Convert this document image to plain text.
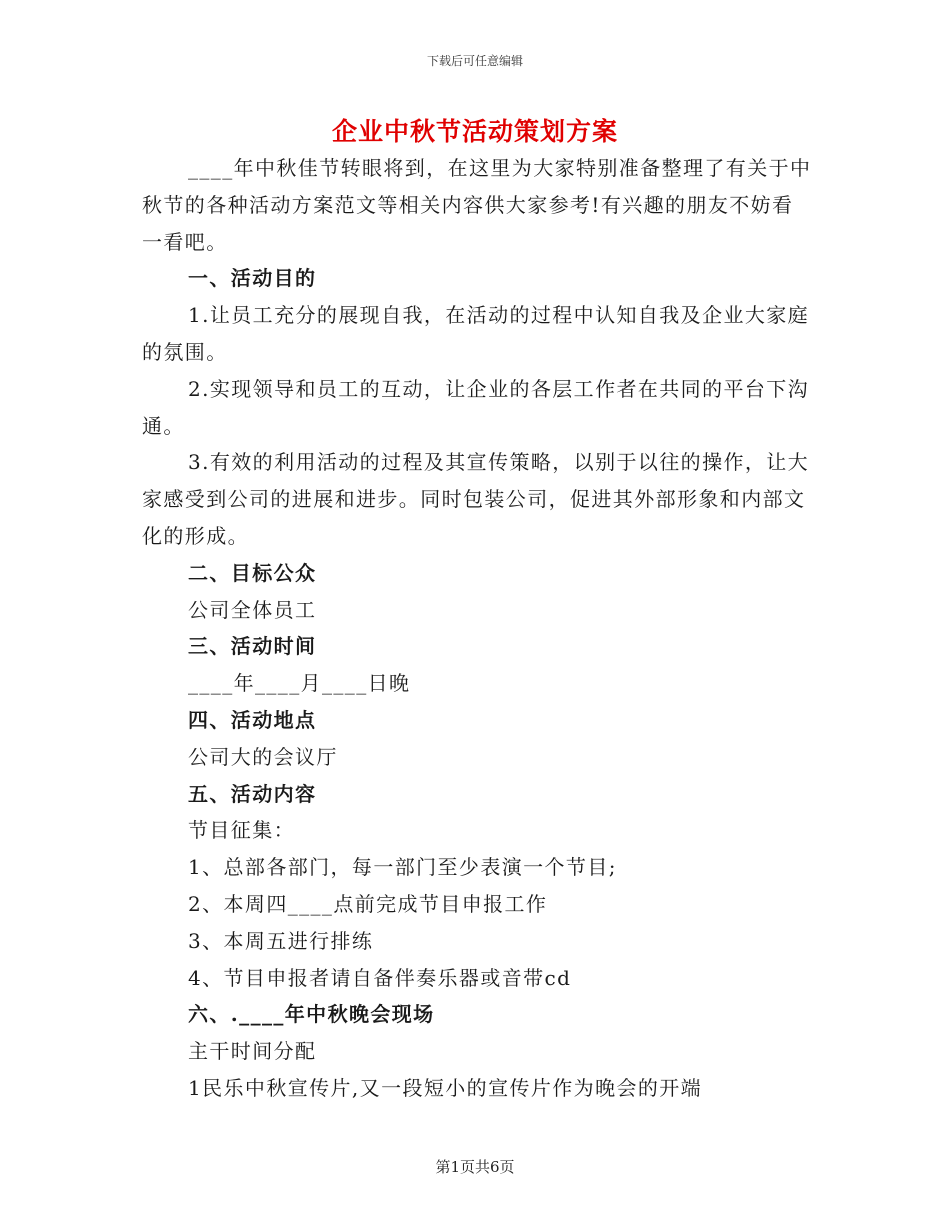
下载后可任意编辑
企业中秋节活动策划方案

____年中秋佳节转眼将到，在这里为大家特别准备整理了有关于中秋节的各种活动方案范文等相关内容供大家参考!有兴趣的朋友不妨看一看吧。

一、活动目的

1.让员工充分的展现自我，在活动的过程中认知自我及企业大家庭的氛围。

2.实现领导和员工的互动，让企业的各层工作者在共同的平台下沟通。

3.有效的利用活动的过程及其宣传策略，以别于以往的操作，让大家感受到公司的进展和进步。同时包装公司，促进其外部形象和内部文化的形成。

二、目标公众

公司全体员工

三、活动时间

____年____月____日晚

四、活动地点

公司大的会议厅

五、活动内容

节目征集：

1、总部各部门，每一部门至少表演一个节目;

2、本周四____点前完成节目申报工作

3、本周五进行排练

4、节目申报者请自备伴奏乐器或音带cd

六、.____年中秋晚会现场

主干时间分配

1民乐中秋宣传片,又一段短小的宣传片作为晚会的开端

第1页共6页
